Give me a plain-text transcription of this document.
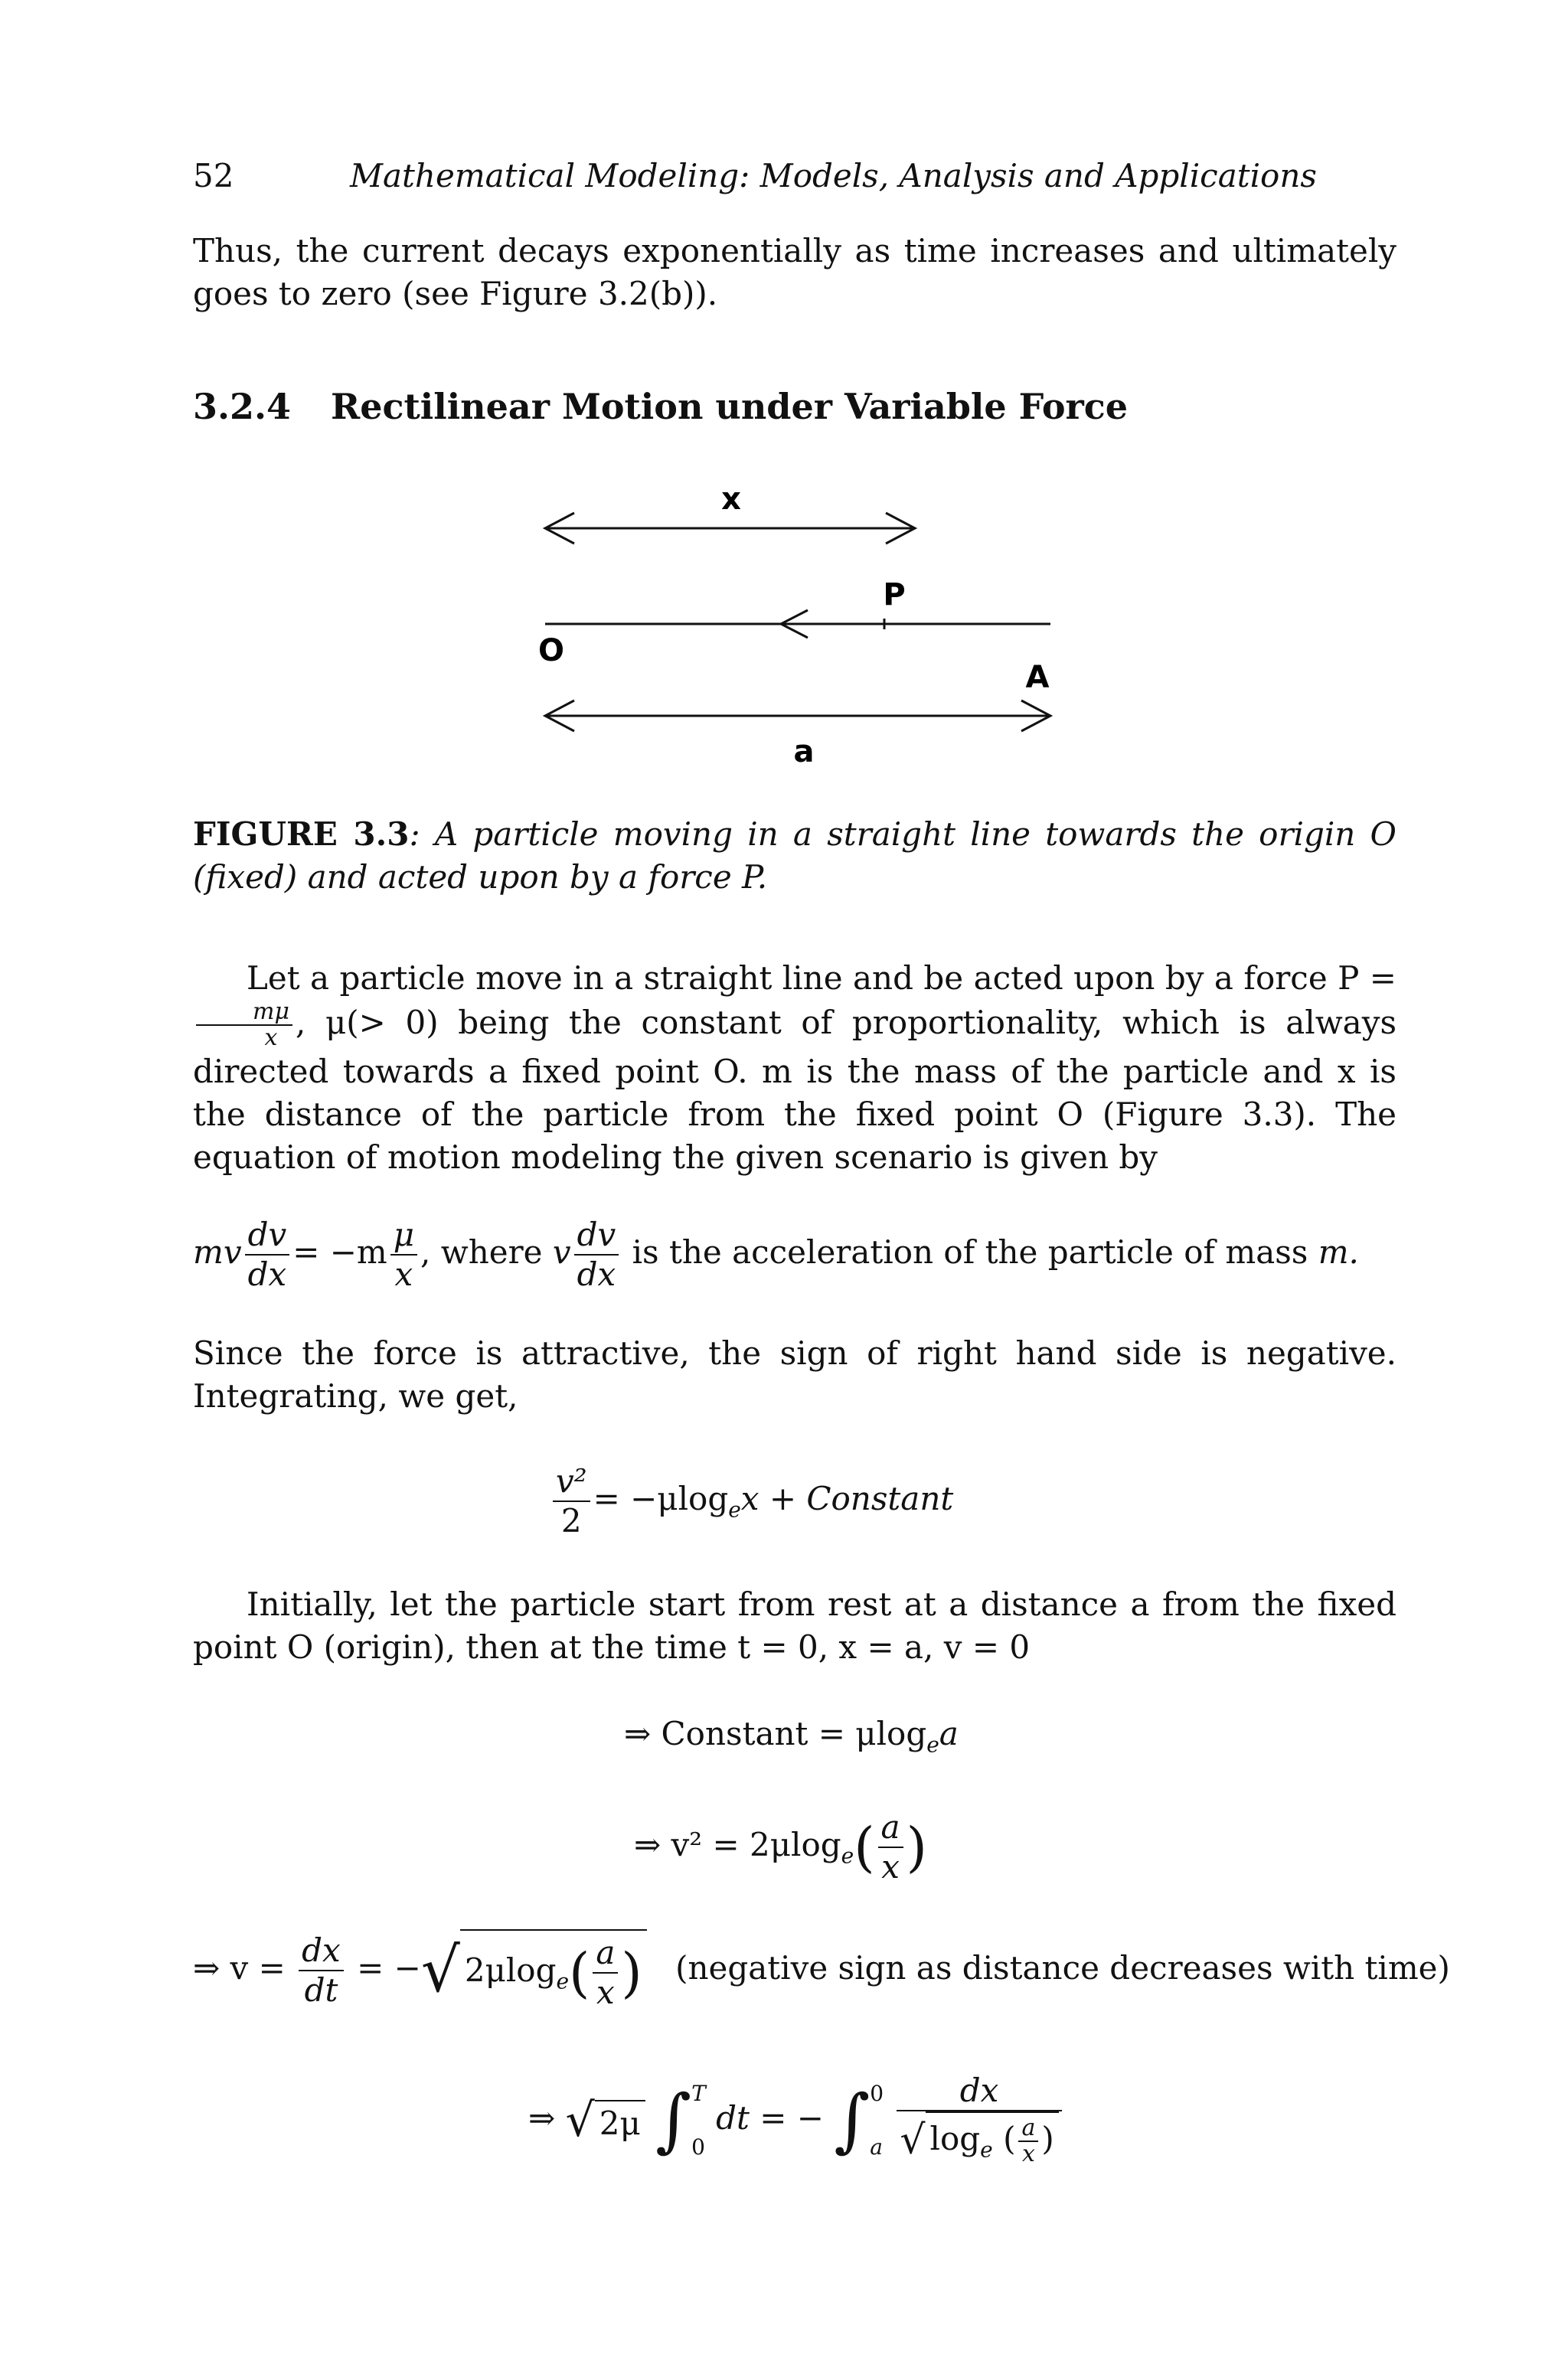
52	Mathematical Modeling: Models, Analysis and Applications
Thus, the current decays exponentially as time increases and ultimately goes to zero (see Figure 3.2(b)).
3.2.4 Rectilinear Motion under Variable Force
x
P
O
A
a
FIGURE 3.3: A particle moving in a straight line towards the origin O (fixed) and acted upon by a force P.
Let a particle move in a straight line and be acted upon by a force P =
$\frac{m\mu}{x}$ , μ(> 0) being the constant of proportionality, which is always directed towards a fixed point O. m is the mass of the particle and x is the distance of the particle from the fixed point O (Figure 3.3). The equation of motion modeling the given scenario is given by
mv $\frac{dv}{dx} = -m \frac{\mu}{x}$ , where v $\frac{dv}{dx}$ is the acceleration of the particle of mass m.
Since the force is attractive, the sign of right hand side is negative. Integrating, we get,
$\frac{\text{v²}}{2} = -\mu\log_ex$ + Constant
Initially, let the particle start from rest at a distance a from the fixed point O (origin), then at the time t = 0, x = a, v = 0
⇒ Constant = μlog$_e$a
⇒ $v^2 = 2\mu\log_e( \frac{a}{x}$ )
⇒ $v = \frac{dx}{dt}$ = −√ $2\mu\log_e( \frac{a}{x}$ ) (negative sign as distance decreases with time)
⇒ √ 2μ ∫ T
0
dt = − ∫ 0
a
$\frac{dx}{√ \log_e ( \frac{a}{x} )}$
